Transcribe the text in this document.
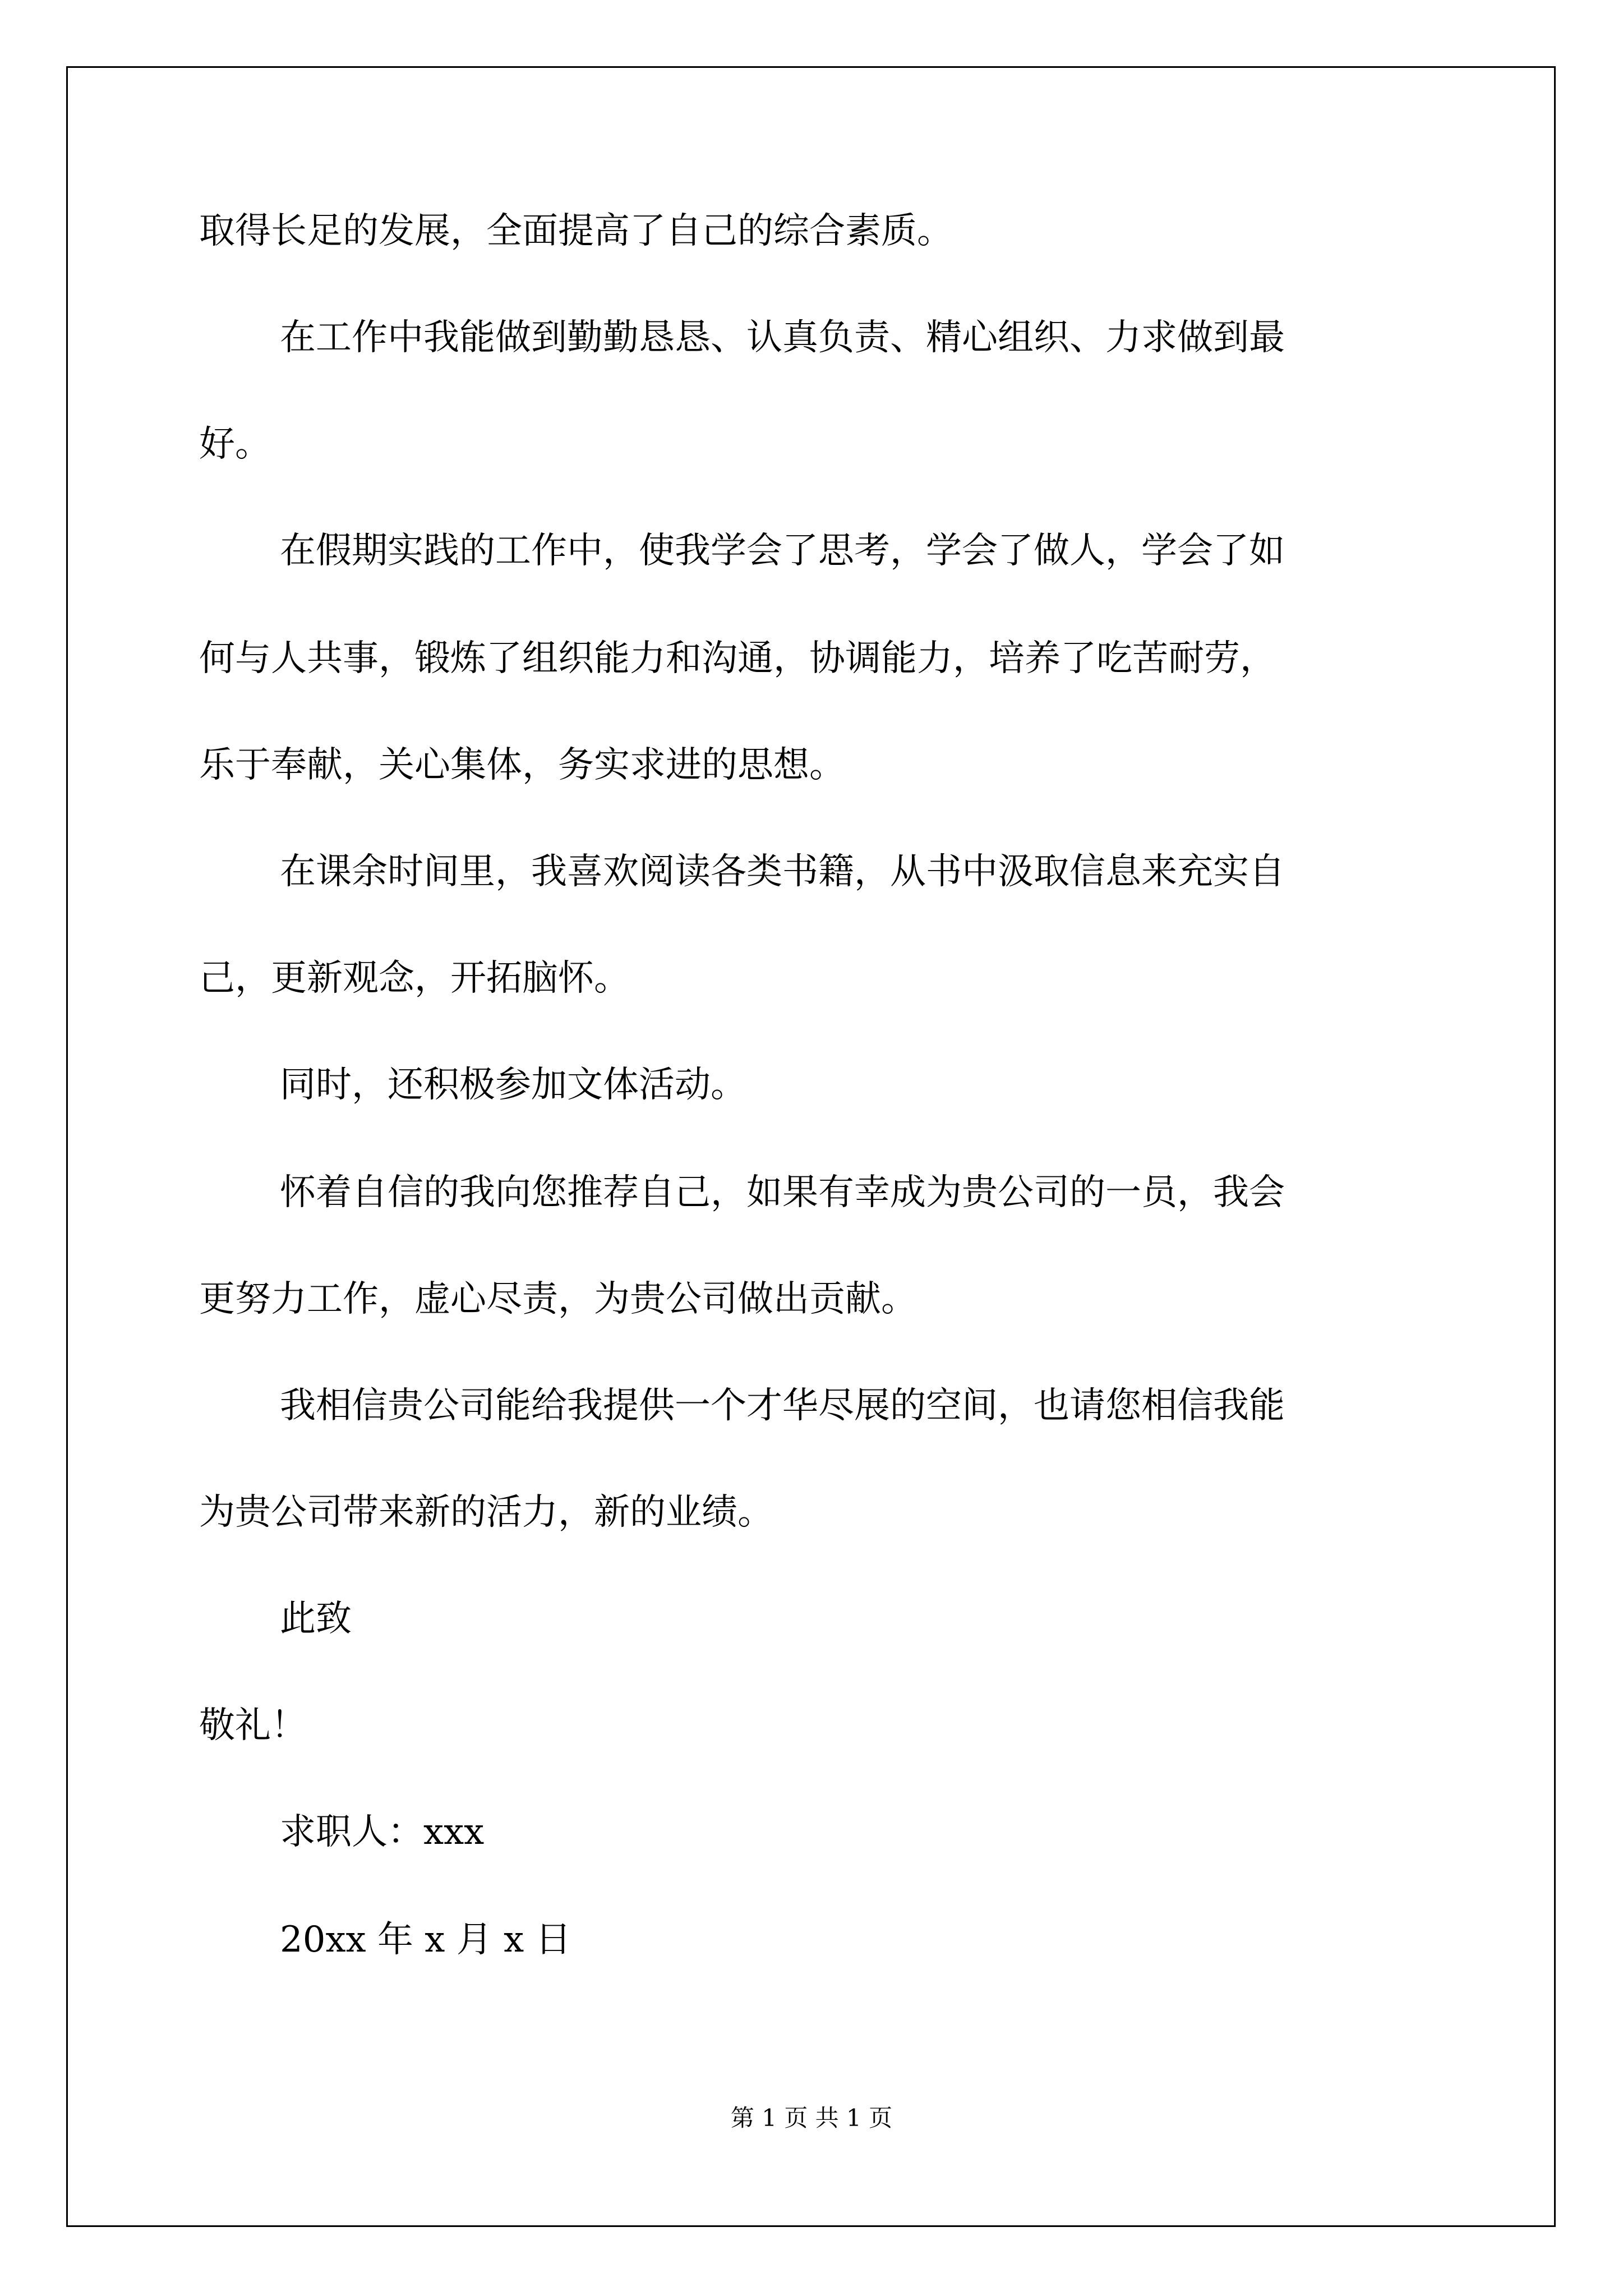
取得长足的发展，全面提高了自己的综合素质。
在工作中我能做到勤勤恳恳、认真负责、精心组织、力求做到最
好。
在假期实践的工作中，使我学会了思考，学会了做人，学会了如
何与人共事，锻炼了组织能力和沟通，协调能力，培养了吃苦耐劳，
乐于奉献，关心集体，务实求进的思想。
在课余时间里，我喜欢阅读各类书籍，从书中汲取信息来充实自
己，更新观念，开拓脑怀。
同时，还积极参加文体活动。
怀着自信的我向您推荐自己，如果有幸成为贵公司的一员，我会
更努力工作，虚心尽责，为贵公司做出贡献。
我相信贵公司能给我提供一个才华尽展的空间，也请您相信我能
为贵公司带来新的活力，新的业绩。
此致
敬礼！
求职人：xxx
20xx 年 x 月 x 日
第 1 页 共 1 页
